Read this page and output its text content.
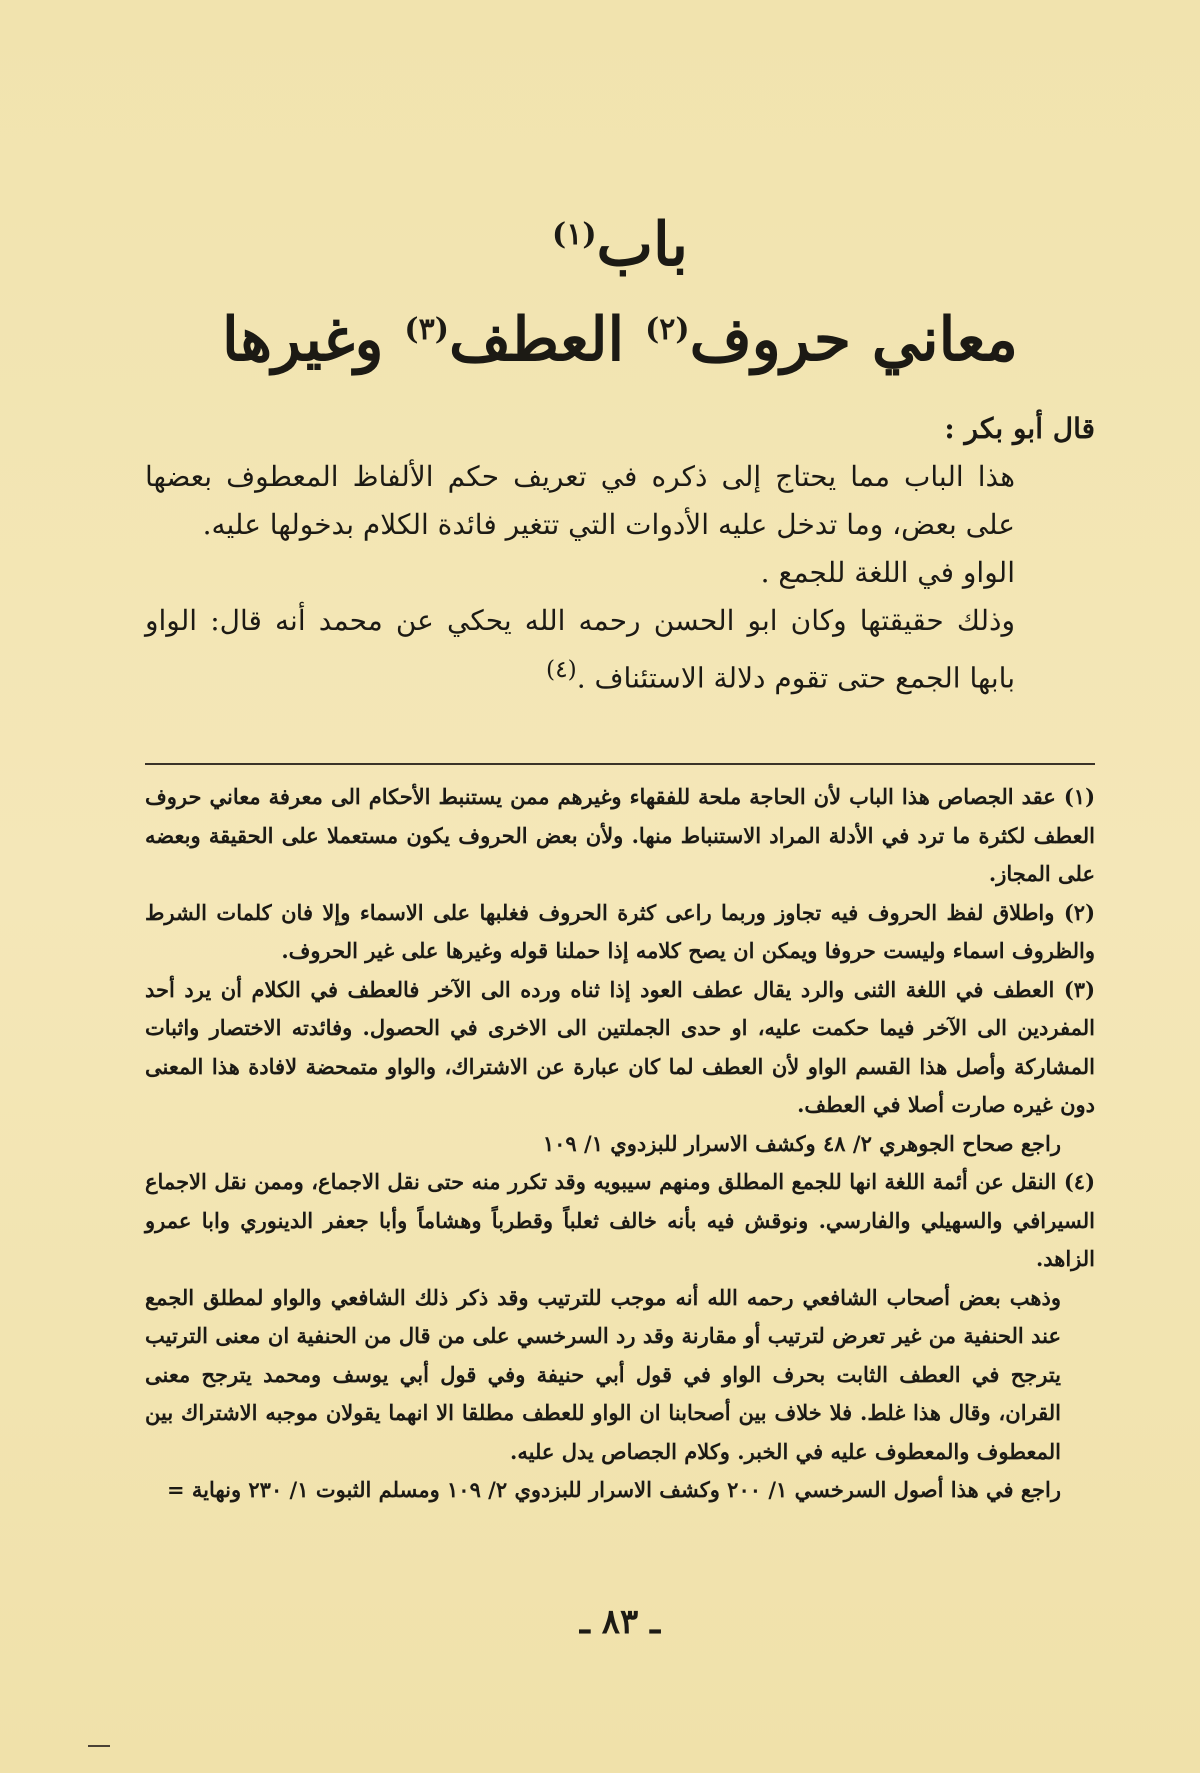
باب$^{(١)}$
معاني حروف$^{(٢)}$ العطف$^{(٣)}$ وغيرها

قال أبو بكر :

هذا الباب مما يحتاج إلى ذكره في تعريف حكم الألفاظ المعطوف بعضها على بعض، وما تدخل عليه الأدوات التي تتغير فائدة الكلام بدخولها عليه.

الواو في اللغة للجمع .

وذلك حقيقتها وكان ابو الحسن رحمه الله يحكي عن محمد أنه قال: الواو بابها الجمع حتى تقوم دلالة الاستئناف .$^{(٤)}$

(١) عقد الجصاص هذا الباب لأن الحاجة ملحة للفقهاء وغيرهم ممن يستنبط الأحكام الى معرفة معاني حروف العطف لكثرة ما ترد في الأدلة المراد الاستنباط منها. ولأن بعض الحروف يكون مستعملا على الحقيقة وبعضه على المجاز.

(٢) واطلاق لفظ الحروف فيه تجاوز وربما راعى كثرة الحروف فغلبها على الاسماء وإلا فان كلمات الشرط والظروف اسماء وليست حروفا ويمكن ان يصح كلامه إذا حملنا قوله وغيرها على غير الحروف.

(٣) العطف في اللغة الثنى والرد يقال عطف العود إذا ثناه ورده الى الآخر فالعطف في الكلام أن يرد أحد المفردين الى الآخر فيما حكمت عليه، او حدى الجملتين الى الاخرى في الحصول. وفائدته الاختصار واثبات المشاركة وأصل هذا القسم الواو لأن العطف لما كان عبارة عن الاشتراك، والواو متمحضة لافادة هذا المعنى دون غيره صارت أصلا في العطف.

راجع صحاح الجوهري ٢/ ٤٨ وكشف الاسرار للبزدوي ١/ ١٠٩

(٤) النقل عن أئمة اللغة انها للجمع المطلق ومنهم سيبويه وقد تكرر منه حتى نقل الاجماع، وممن نقل الاجماع السيرافي والسهيلي والفارسي. ونوقش فيه بأنه خالف ثعلباً وقطرباً وهشاماً وأبا جعفر الدينوري وابا عمرو الزاهد.

وذهب بعض أصحاب الشافعي رحمه الله أنه موجب للترتيب وقد ذكر ذلك الشافعي والواو لمطلق الجمع عند الحنفية من غير تعرض لترتيب أو مقارنة وقد رد السرخسي على من قال من الحنفية ان معنى الترتيب يترجح في العطف الثابت بحرف الواو في قول أبي حنيفة وفي قول أبي يوسف ومحمد يترجح معنى القران، وقال هذا غلط. فلا خلاف بين أصحابنا ان الواو للعطف مطلقا الا انهما يقولان موجبه الاشتراك بين المعطوف والمعطوف عليه في الخبر. وكلام الجصاص يدل عليه.

راجع في هذا أصول السرخسي ١/ ٢٠٠ وكشف الاسرار للبزدوي ٢/ ١٠٩ ومسلم الثبوت ١/ ٢٣٠ ونهاية =

ـ ٨٣ ـ
